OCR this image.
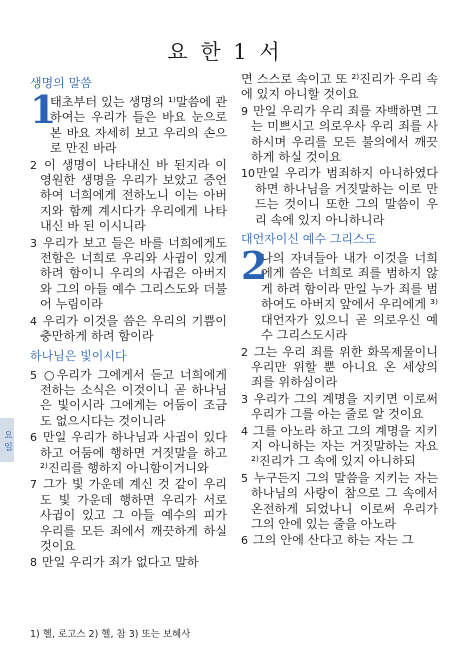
요 한 1 서
요 일
생명의 말씀
1
태초부터 있는 생명의 ¹⁾말씀에 관하여는 우리가 들은 바요 눈으로 본 바요 자세히 보고 우리의 손으로 만진 바라
2 이 생명이 나타내신 바 된지라 이 영원한 생명을 우리가 보았고 증언하여 너희에게 전하노니 이는 아버지와 함께 계시다가 우리에게 나타내신 바 된 이시니라
3 우리가 보고 들은 바를 너희에게도 전함은 너희로 우리와 사귐이 있게 하려 함이니 우리의 사귐은 아버지와 그의 아들 예수 그리스도와 더불어 누림이라
4 우리가 이것을 씀은 우리의 기쁨이 충만하게 하려 함이라
하나님은 빛이시다
5 ○우리가 그에게서 듣고 너희에게 전하는 소식은 이것이니 곧 하나님은 빛이시라 그에게는 어둠이 조금도 없으시다는 것이니라
6 만일 우리가 하나님과 사귐이 있다 하고 어둠에 행하면 거짓말을 하고 ²⁾진리를 행하지 아니함이거니와
7 그가 빛 가운데 계신 것 같이 우리도 빛 가운데 행하면 우리가 서로 사귐이 있고 그 아들 예수의 피가 우리를 모든 죄에서 깨끗하게 하실 것이요
8 만일 우리가 죄가 없다고 말하
면 스스로 속이고 또 ²⁾진리가 우리 속에 있지 아니할 것이요
9 만일 우리가 우리 죄를 자백하면 그는 미쁘시고 의로우사 우리 죄를 사하시며 우리를 모든 불의에서 깨끗하게 하실 것이요
10만일 우리가 범죄하지 아니하였다 하면 하나님을 거짓말하는 이로 만드는 것이니 또한 그의 말씀이 우리 속에 있지 아니하니라
대언자이신 예수 그리스도
2
나의 자녀들아 내가 이것을 너희에게 씀은 너희로 죄를 범하지 않게 하려 함이라 만일 누가 죄를 범하여도 아버지 앞에서 우리에게 ³⁾대언자가 있으니 곧 의로우신 예수 그리스도시라
2 그는 우리 죄를 위한 화목제물이니 우리만 위할 뿐 아니요 온 세상의 죄를 위하심이라
3 우리가 그의 계명을 지키면 이로써 우리가 그를 아는 줄로 알 것이요
4 그를 아노라 하고 그의 계명을 지키지 아니하는 자는 거짓말하는 자요 ²⁾진리가 그 속에 있지 아니하되
5 누구든지 그의 말씀을 지키는 자는 하나님의 사랑이 참으로 그 속에서 온전하게 되었나니 이로써 우리가 그의 안에 있는 줄을 아노라
6 그의 안에 산다고 하는 자는 그
1) 헬, 로고스 2) 헬, 참 3) 또는 보혜사
